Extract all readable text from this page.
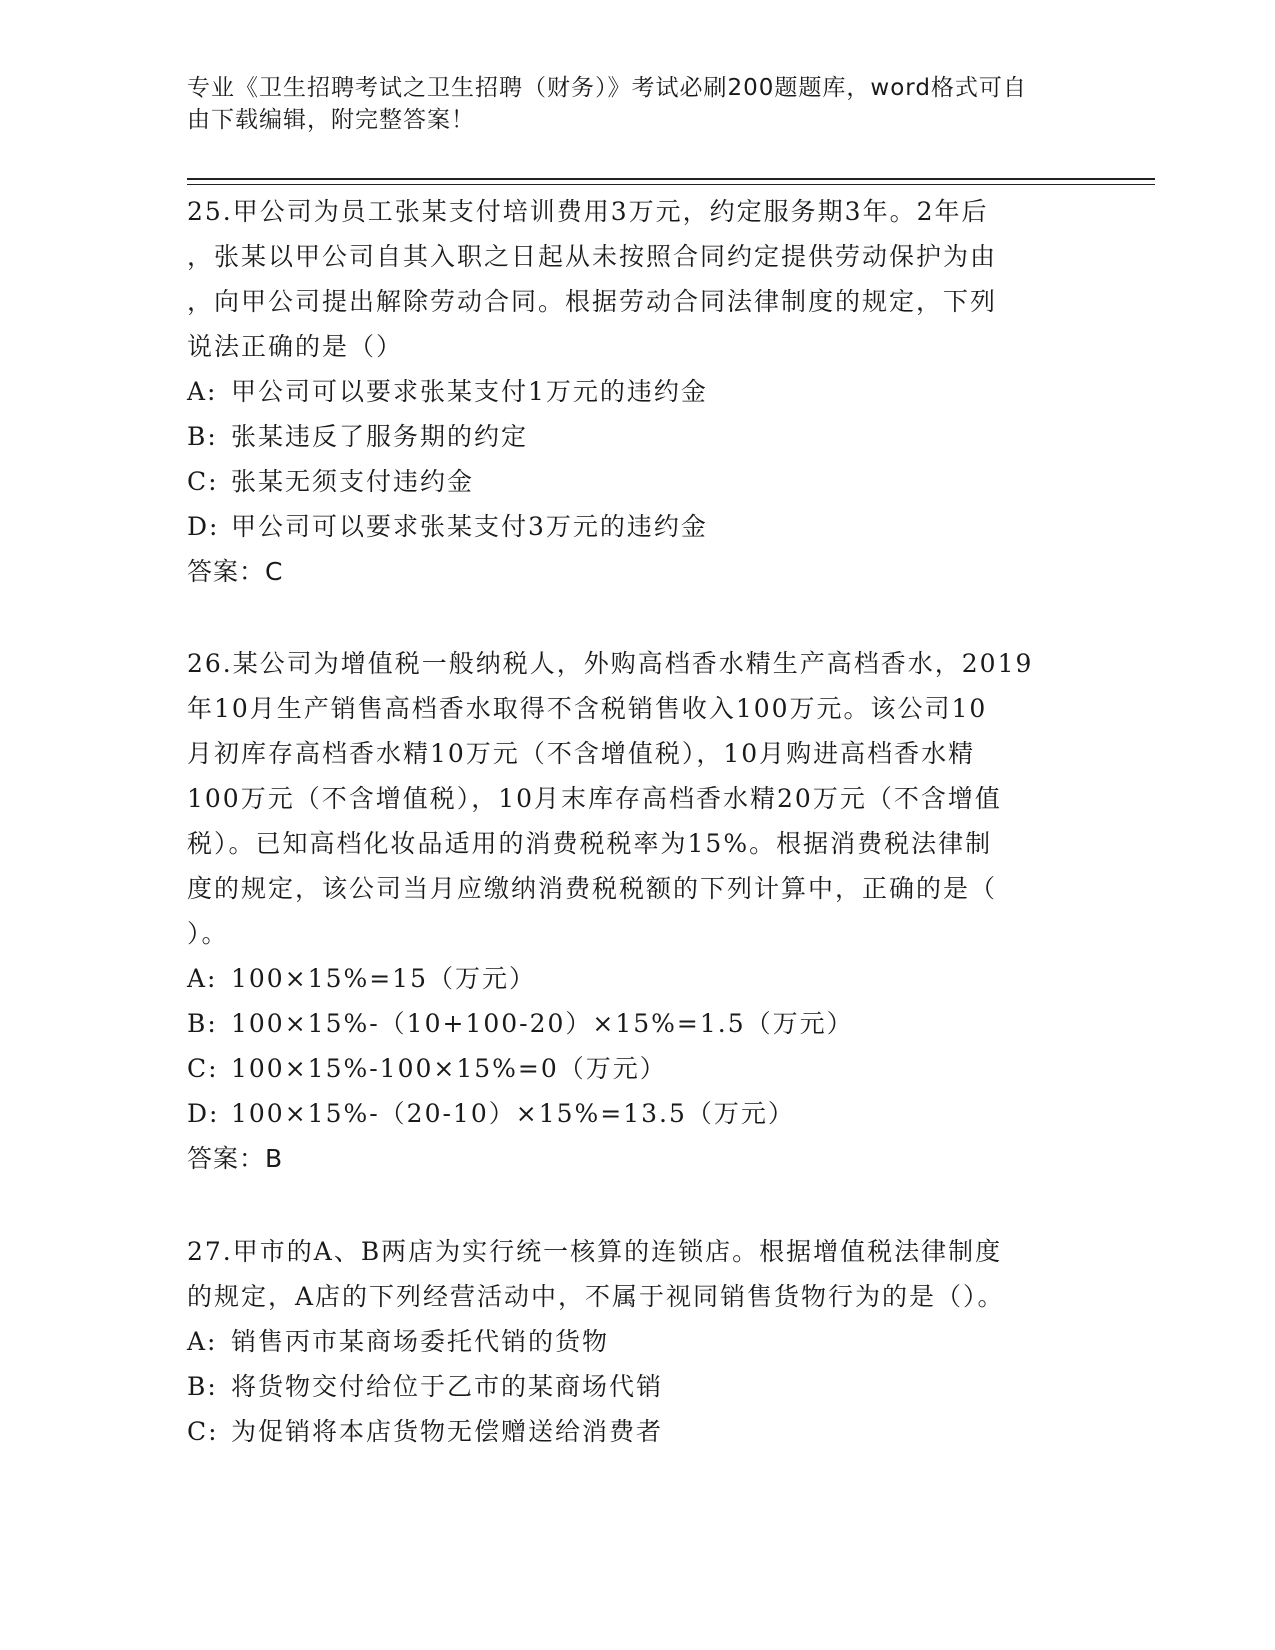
专业《卫生招聘考试之卫生招聘（财务）》考试必刷200题题库，word格式可自
由下载编辑，附完整答案！

25.甲公司为员工张某支付培训费用3万元，约定服务期3年。2年后

，张某以甲公司自其入职之日起从未按照合同约定提供劳动保护为由

，向甲公司提出解除劳动合同。根据劳动合同法律制度的规定，下列

说法正确的是（）

A: 甲公司可以要求张某支付1万元的违约金

B: 张某违反了服务期的约定

C: 张某无须支付违约金

D: 甲公司可以要求张某支付3万元的违约金

答案：C

26.某公司为增值税一般纳税人，外购高档香水精生产高档香水，2019

年10月生产销售高档香水取得不含税销售收入100万元。该公司10

月初库存高档香水精10万元（不含增值税），10月购进高档香水精

100万元（不含增值税），10月末库存高档香水精20万元（不含增值

税）。已知高档化妆品适用的消费税税率为15%。根据消费税法律制

度的规定，该公司当月应缴纳消费税税额的下列计算中，正确的是（

）。

A: 100×15%=15（万元）

B: 100×15%-（10+100-20）×15%=1.5（万元）

C: 100×15%-100×15%=0（万元）

D: 100×15%-（20-10）×15%=13.5（万元）

答案：B

27.甲市的A、B两店为实行统一核算的连锁店。根据增值税法律制度

的规定，A店的下列经营活动中，不属于视同销售货物行为的是（）。

A: 销售丙市某商场委托代销的货物

B: 将货物交付给位于乙市的某商场代销

C: 为促销将本店货物无偿赠送给消费者
